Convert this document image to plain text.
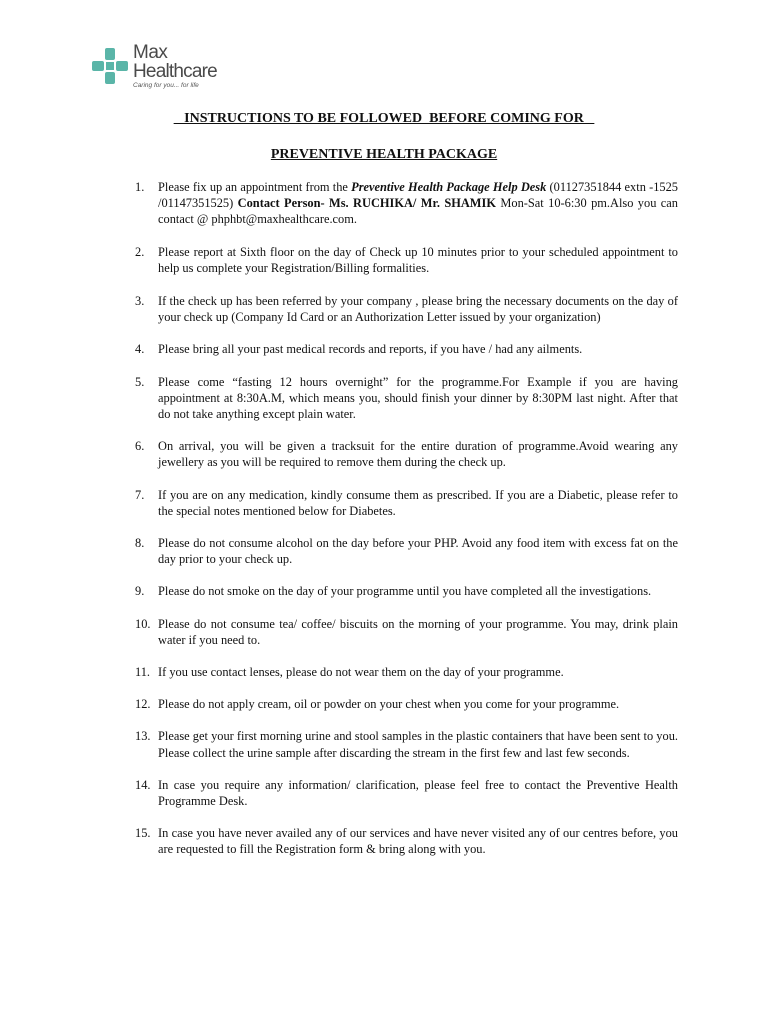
Max
Healthcare
Caring for you... for life
INSTRUCTIONS TO BE FOLLOWED  BEFORE COMING FOR
PREVENTIVE HEALTH PACKAGE
1. Please fix up an appointment from the Preventive Health Package Help Desk (01127351844 extn -1525 /01147351525) Contact Person- Ms. RUCHIKA/ Mr. SHAMIK Mon-Sat 10-6:30 pm.Also you can contact @ phphbt@maxhealthcare.com.
2. Please report at Sixth floor on the day of Check up 10 minutes prior to your scheduled appointment to help us complete your Registration/Billing formalities.
3. If the check up has been referred by your company , please bring the necessary documents on the day of your check up (Company Id Card or an Authorization Letter issued by your organization)
4. Please bring all your past medical records and reports, if you have / had any ailments.
5. Please come “fasting 12 hours overnight” for the programme.For Example if you are having appointment at 8:30A.M, which means you, should finish your dinner by 8:30PM last night. After that do not take anything except plain water.
6. On arrival, you will be given a tracksuit for the entire duration of programme.Avoid wearing any jewellery as you will be required to remove them during the check up.
7. If you are on any medication, kindly consume them as prescribed. If you are a Diabetic, please refer to the special notes mentioned below for Diabetes.
8. Please do not consume alcohol on the day before your PHP. Avoid any food item with excess fat on the day prior to your check up.
9. Please do not smoke on the day of your programme until you have completed all the investigations.
10. Please do not consume tea/ coffee/ biscuits on the morning of your programme. You may, drink plain water if you need to.
11. If you use contact lenses, please do not wear them on the day of your programme.
12. Please do not apply cream, oil or powder on your chest when you come for your programme.
13. Please get your first morning urine and stool samples in the plastic containers that have been sent to you. Please collect the urine sample after discarding the stream in the first few and last few seconds.
14. In case you require any information/ clarification, please feel free to contact the Preventive Health Programme Desk.
15. In case you have never availed any of our services and have never visited any of our centres before, you are requested to fill the Registration form & bring along with you.
